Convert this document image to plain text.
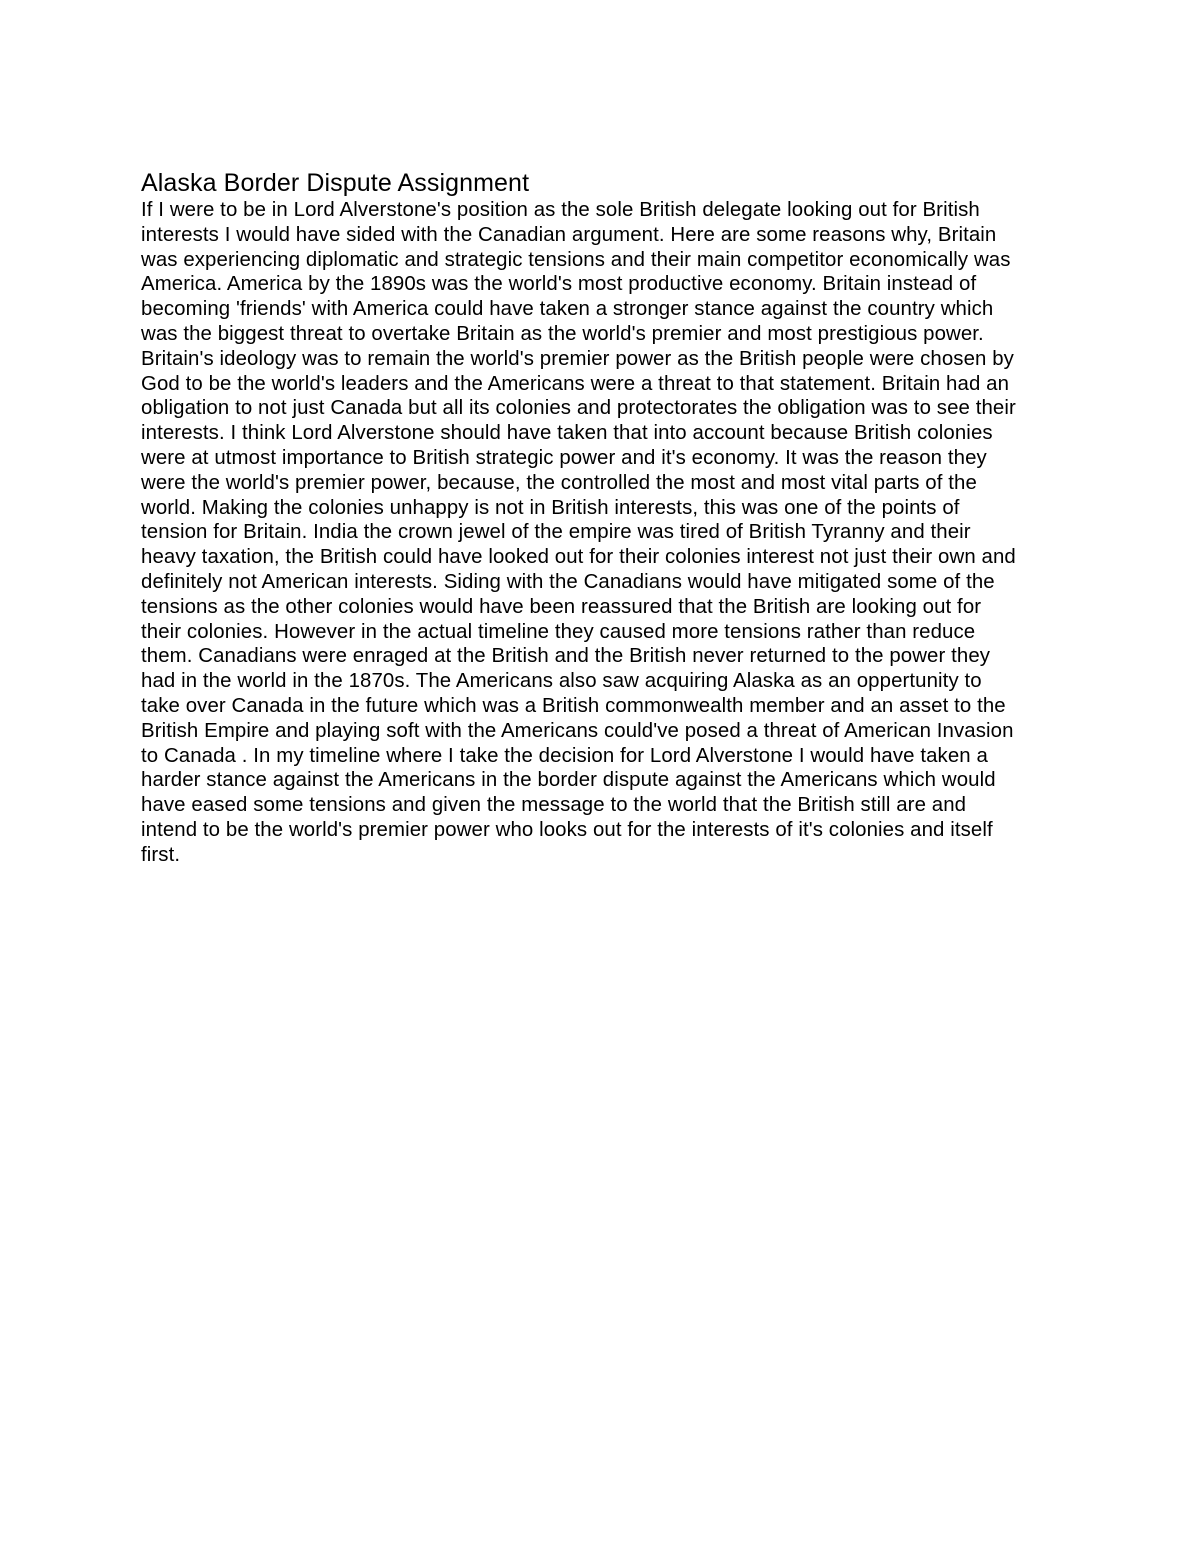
Alaska Border Dispute Assignment

If I were to be in Lord Alverstone's position as the sole British delegate looking out for British
interests I would have sided with the Canadian argument. Here are some reasons why, Britain
was experiencing diplomatic and strategic tensions and their main competitor economically was
America. America by the 1890s was the world's most productive economy. Britain instead of
becoming 'friends' with America could have taken a stronger stance against the country which
was the biggest threat to overtake Britain as the world's premier and most prestigious power.
Britain's ideology was to remain the world's premier power as the British people were chosen by
God to be the world's leaders and the Americans were a threat to that statement. Britain had an
obligation to not just Canada but all its colonies and protectorates the obligation was to see their
interests. I think Lord Alverstone should have taken that into account because British colonies
were at utmost importance to British strategic power and it's economy. It was the reason they
were the world's premier power, because, the controlled the most and most vital parts of the
world. Making the colonies unhappy is not in British interests, this was one of the points of
tension for Britain. India the crown jewel of the empire was tired of British Tyranny and their
heavy taxation, the British could have looked out for their colonies interest not just their own and
definitely not American interests. Siding with the Canadians would have mitigated some of the
tensions as the other colonies would have been reassured that the British are looking out for
their colonies. However in the actual timeline they caused more tensions rather than reduce
them. Canadians were enraged at the British and the British never returned to the power they
had in the world in the 1870s. The Americans also saw acquiring Alaska as an oppertunity to
take over Canada in the future which was a British commonwealth member and an asset to the
British Empire and playing soft with the Americans could've posed a threat of American Invasion
to Canada . In my timeline where I take the decision for Lord Alverstone I would have taken a
harder stance against the Americans in the border dispute against the Americans which would
have eased some tensions and given the message to the world that the British still are and
intend to be the world's premier power who looks out for the interests of it's colonies and itself
first.
